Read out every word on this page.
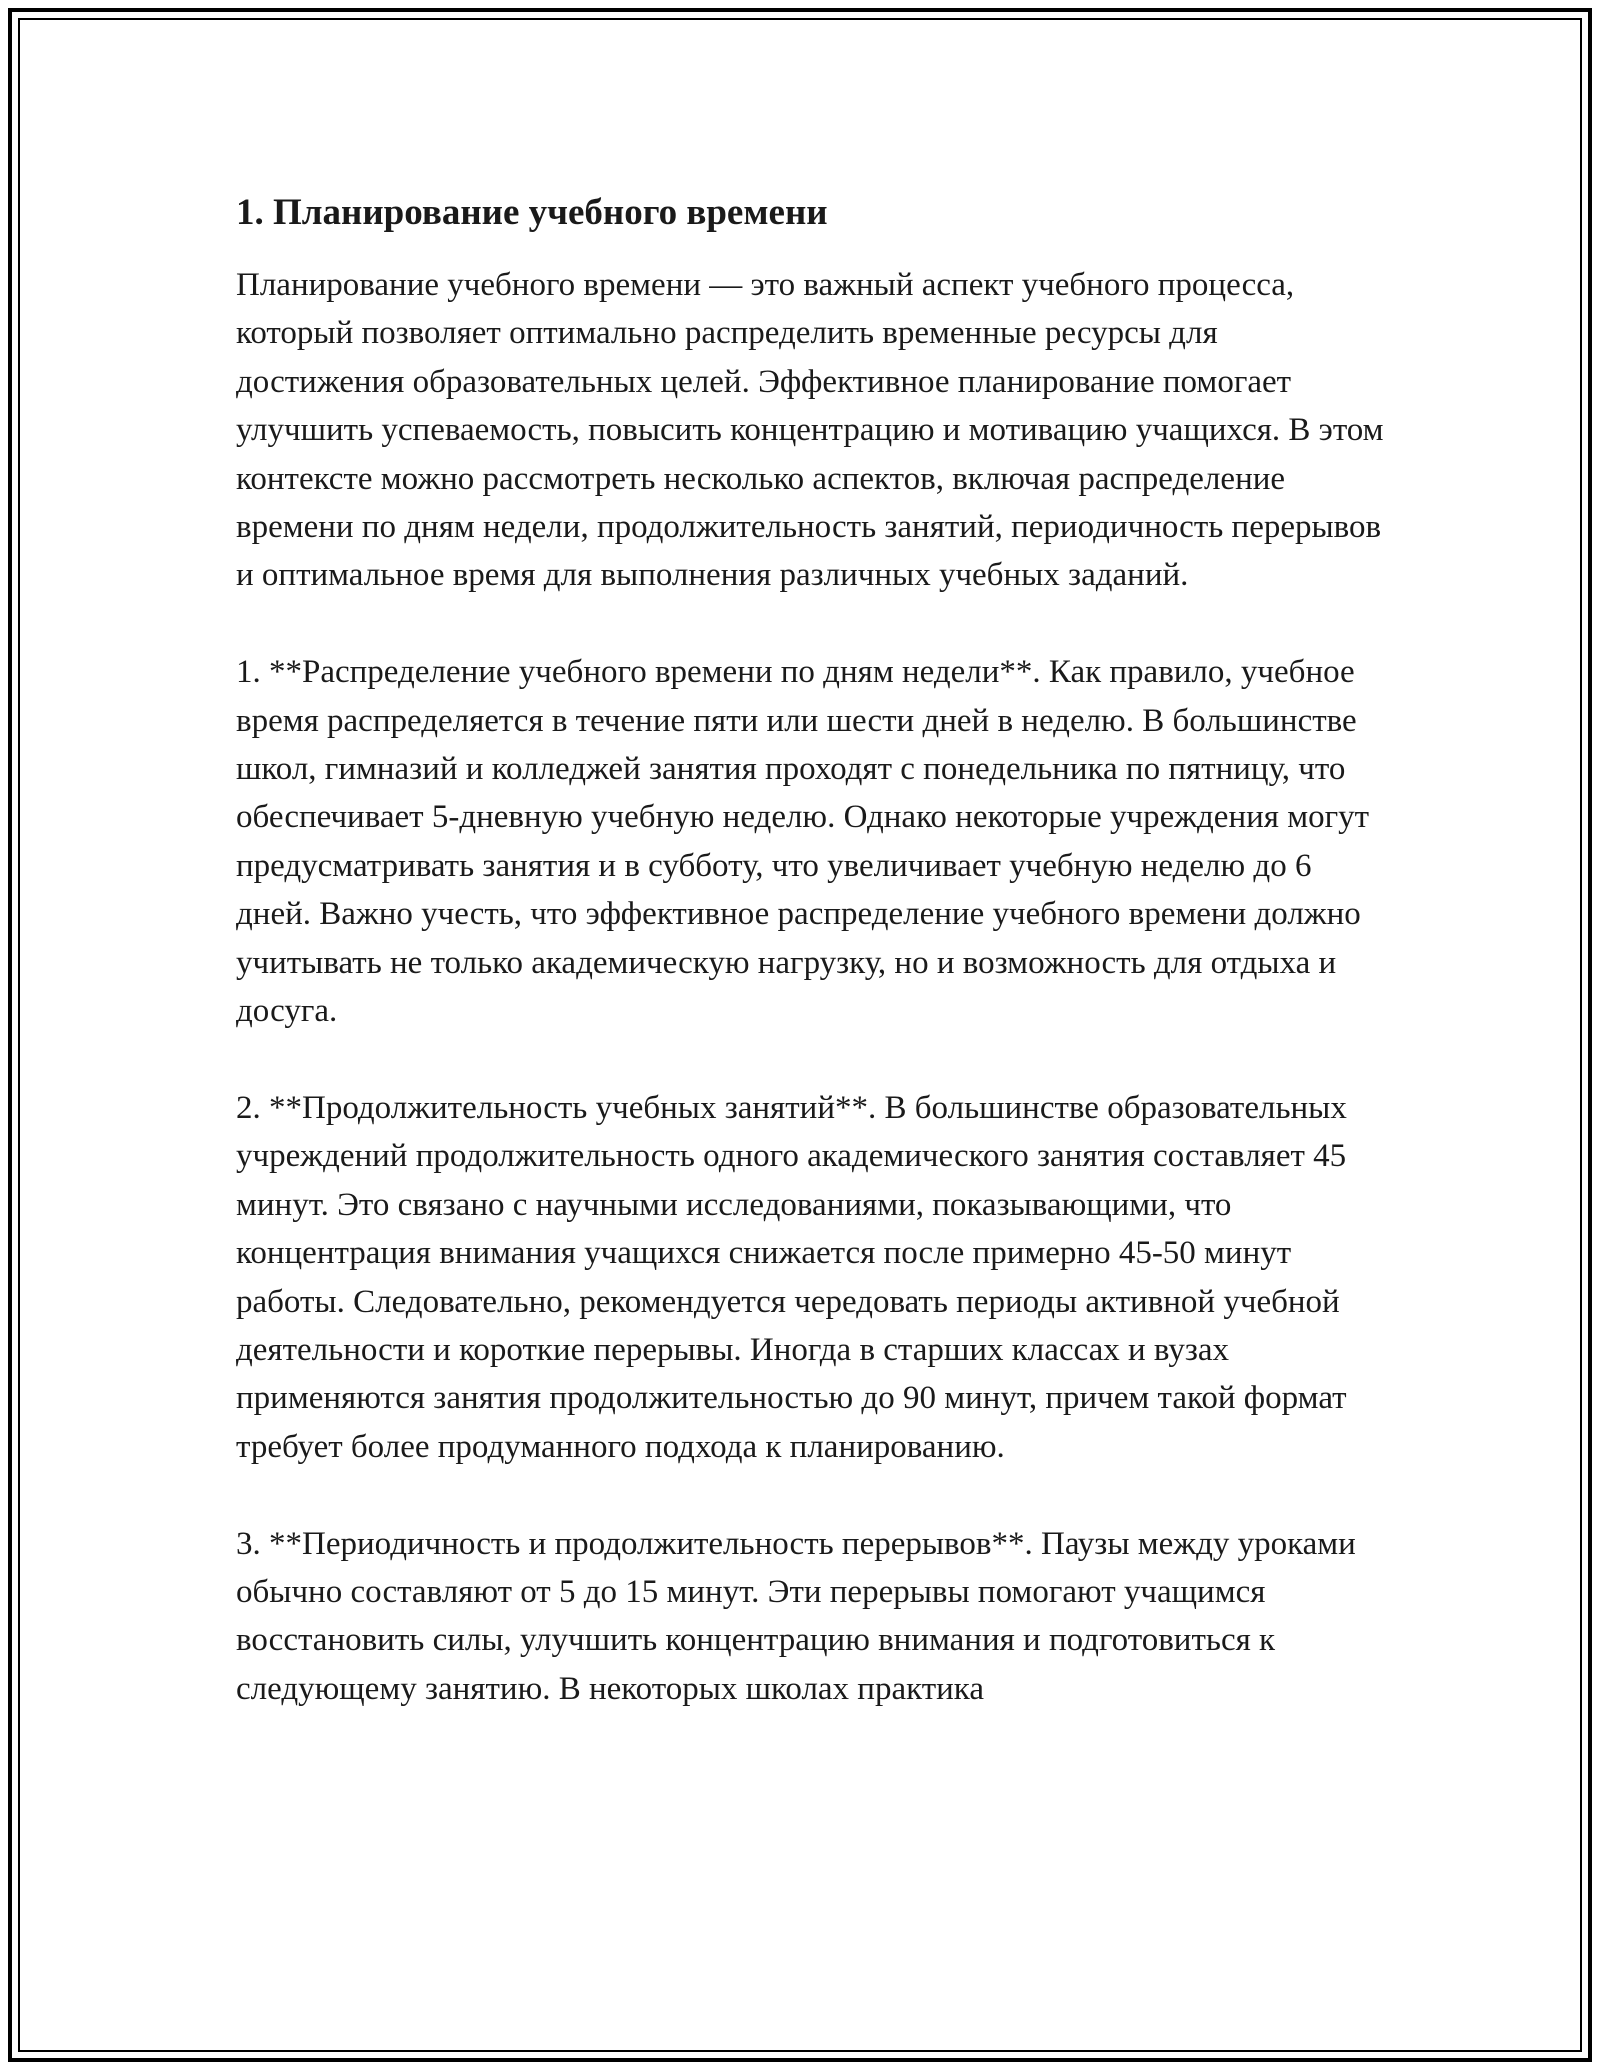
1. Планирование учебного времени

Планирование учебного времени — это важный аспект учебного процесса, который позволяет оптимально распределить временные ресурсы для достижения образовательных целей. Эффективное планирование помогает улучшить успеваемость, повысить концентрацию и мотивацию учащихся. В этом контексте можно рассмотреть несколько аспектов, включая распределение времени по дням недели, продолжительность занятий, периодичность перерывов и оптимальное время для выполнения различных учебных заданий.

1. **Распределение учебного времени по дням недели**. Как правило, учебное время распределяется в течение пяти или шести дней в неделю. В большинстве школ, гимназий и колледжей занятия проходят с понедельника по пятницу, что обеспечивает 5-дневную учебную неделю. Однако некоторые учреждения могут предусматривать занятия и в субботу, что увеличивает учебную неделю до 6 дней. Важно учесть, что эффективное распределение учебного времени должно учитывать не только академическую нагрузку, но и возможность для отдыха и досуга.

2. **Продолжительность учебных занятий**. В большинстве образовательных учреждений продолжительность одного академического занятия составляет 45 минут. Это связано с научными исследованиями, показывающими, что концентрация внимания учащихся снижается после примерно 45-50 минут работы. Следовательно, рекомендуется чередовать периоды активной учебной деятельности и короткие перерывы. Иногда в старших классах и вузах применяются занятия продолжительностью до 90 минут, причем такой формат требует более продуманного подхода к планированию.

3. **Периодичность и продолжительность перерывов**. Паузы между уроками обычно составляют от 5 до 15 минут. Эти перерывы помогают учащимся восстановить силы, улучшить концентрацию внимания и подготовиться к следующему занятию. В некоторых школах практика
